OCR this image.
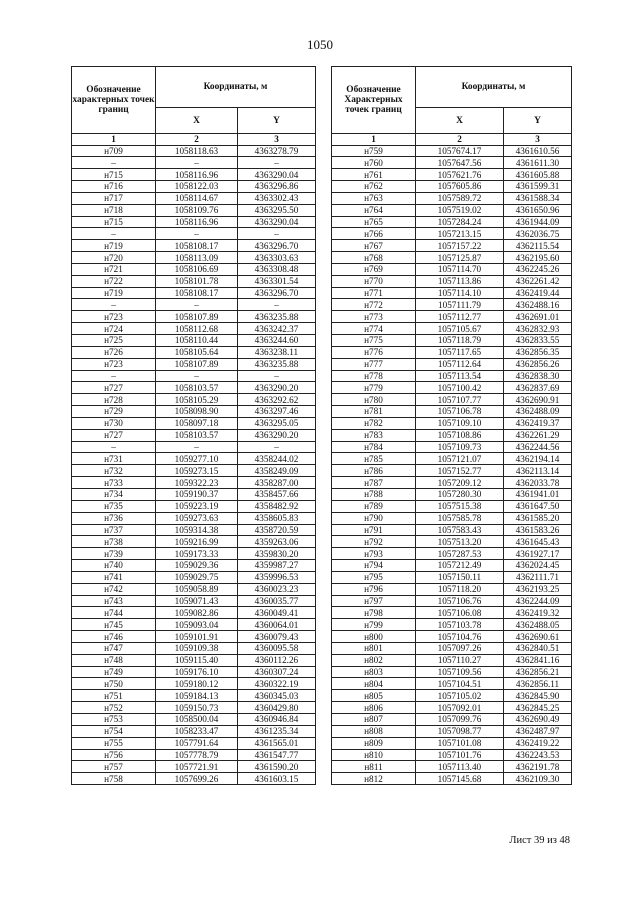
1050
Обозначение характерных точек границ	Координаты, м			Обозначение Характерных точек границ	Координаты, м	
	X	Y			X	Y
1	2	3		1	2	3
н709	1058118.63	4363278.79		н759	1057674.17	4361610.56
–	–	–		н760	1057647.56	4361611.30
н715	1058116.96	4363290.04		н761	1057621.76	4361605.88
н716	1058122.03	4363296.86		н762	1057605.86	4361599.31
н717	1058114.67	4363302.43		н763	1057589.72	4361588.34
н718	1058109.76	4363295.50		н764	1057519.02	4361650.96
н715	1058116.96	4363290.04		н765	1057284.24	4361944.09
–	–	–		н766	1057213.15	4362036.75
н719	1058108.17	4363296.70		н767	1057157.22	4362115.54
н720	1058113.09	4363303.63		н768	1057125.87	4362195.60
н721	1058106.69	4363308.48		н769	1057114.70	4362245.26
н722	1058101.78	4363301.54		н770	1057113.86	4362261.42
н719	1058108.17	4363296.70		н771	1057114.10	4362419.44
–	–	–		н772	1057111.79	4362488.16
н723	1058107.89	4363235.88		н773	1057112.77	4362691.01
н724	1058112.68	4363242.37		н774	1057105.67	4362832.93
н725	1058110.44	4363244.60		н775	1057118.79	4362833.55
н726	1058105.64	4363238.11		н776	1057117.65	4362856.35
н723	1058107.89	4363235.88		н777	1057112.64	4362856.26
–	–	–		н778	1057113.54	4362838.30
н727	1058103.57	4363290.20		н779	1057100.42	4362837.69
н728	1058105.29	4363292.62		н780	1057107.77	4362690.91
н729	1058098.90	4363297.46		н781	1057106.78	4362488.09
н730	1058097.18	4363295.05		н782	1057109.10	4362419.37
н727	1058103.57	4363290.20		н783	1057108.86	4362261.29
–	–	–		н784	1057109.73	4362244.56
н731	1059277.10	4358244.02		н785	1057121.07	4362194.14
н732	1059273.15	4358249.09		н786	1057152.77	4362113.14
н733	1059322.23	4358287.00		н787	1057209.12	4362033.78
н734	1059190.37	4358457.66		н788	1057280.30	4361941.01
н735	1059223.19	4358482.92		н789	1057515.38	4361647.50
н736	1059273.63	4358605.83		н790	1057585.78	4361585.20
н737	1059314.38	4358720.59		н791	1057583.43	4361583.26
н738	1059216.99	4359263.06		н792	1057513.20	4361645.43
н739	1059173.33	4359830.20		н793	1057287.53	4361927.17
н740	1059029.36	4359987.27		н794	1057212.49	4362024.45
н741	1059029.75	4359996.53		н795	1057150.11	4362111.71
н742	1059058.89	4360023.23		н796	1057118.20	4362193.25
н743	1059071.43	4360035.77		н797	1057106.76	4362244.09
н744	1059082.86	4360049.41		н798	1057106.08	4362419.32
н745	1059093.04	4360064.01		н799	1057103.78	4362488.05
н746	1059101.91	4360079.43		н800	1057104.76	4362690.61
н747	1059109.38	4360095.58		н801	1057097.26	4362840.51
н748	1059115.40	4360112.26		н802	1057110.27	4362841.16
н749	1059176.10	4360307.24		н803	1057109.56	4362856.21
н750	1059180.12	4360322.19		н804	1057104.51	4362856.11
н751	1059184.13	4360345.03		н805	1057105.02	4362845.90
н752	1059150.73	4360429.80		н806	1057092.01	4362845.25
н753	1058500.04	4360946.84		н807	1057099.76	4362690.49
н754	1058233.47	4361235.34		н808	1057098.77	4362487.97
н755	1057791.64	4361565.01		н809	1057101.08	4362419.22
н756	1057778.79	4361547.77		н810	1057101.76	4362243.53
н757	1057721.91	4361590.20		н811	1057113.40	4362191.78
н758	1057699.26	4361603.15		н812	1057145.68	4362109.30
Лист 39 из 48
